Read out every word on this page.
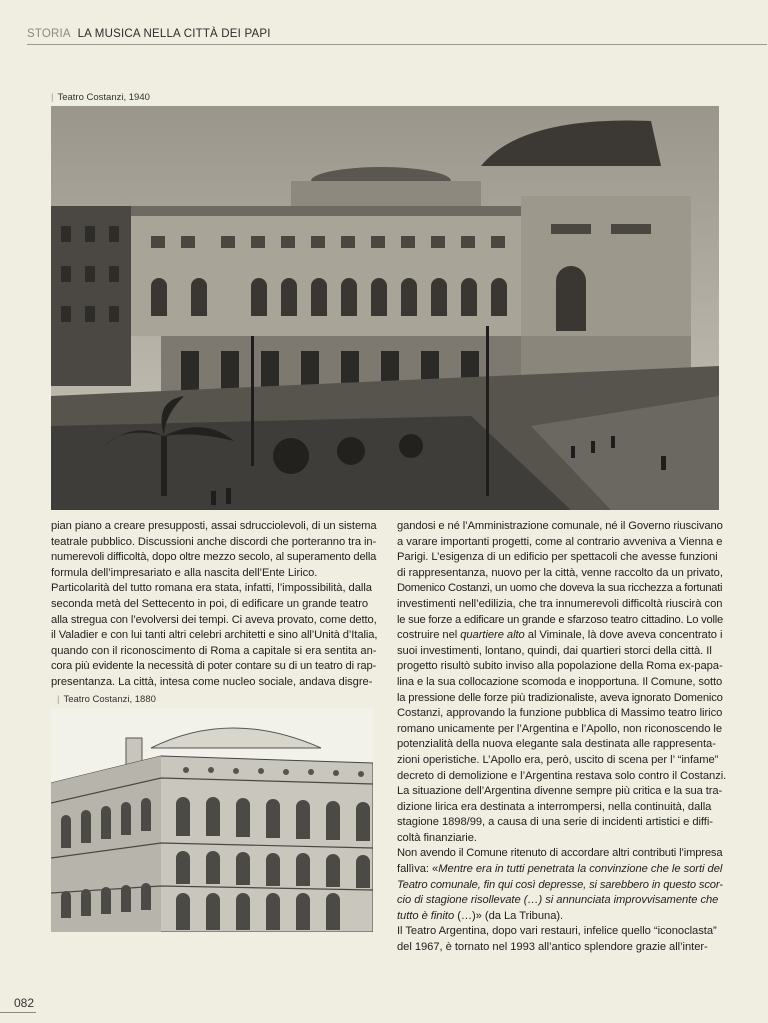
STORIA LA MUSICA NELLA CITTÀ DEI PAPI
| Teatro Costanzi, 1940
pian piano a creare presupposti, assai sdrucciolevoli, di un sistema
teatrale pubblico. Discussioni anche discordi che porteranno tra in-
numerevoli difficoltà, dopo oltre mezzo secolo, al superamento della
formula dell’impresariato e alla nascita dell’Ente Lirico.
Particolarità del tutto romana era stata, infatti, l’impossibilità, dalla
seconda metà del Settecento in poi, di edificare un grande teatro
alla stregua con l’evolversi dei tempi. Ci aveva provato, come detto,
il Valadier e con lui tanti altri celebri architetti e sino all’Unità d’Italia,
quando con il riconoscimento di Roma a capitale si era sentita an-
cora più evidente la necessità di poter contare su di un teatro di rap-
presentanza. La città, intesa come nucleo sociale, andava disgre-
| Teatro Costanzi, 1880
gandosi e né l’Amministrazione comunale, né il Governo riuscivano
a varare importanti progetti, come al contrario avveniva a Vienna e
Parigi. L’esigenza di un edificio per spettacoli che avesse funzioni
di rappresentanza, nuovo per la città, venne raccolto da un privato,
Domenico Costanzi, un uomo che doveva la sua ricchezza a fortunati
investimenti nell’edilizia, che tra innumerevoli difficoltà riuscirà con
le sue forze a edificare un grande e sfarzoso teatro cittadino. Lo volle
costruire nel quartiere alto al Viminale, là dove aveva concentrato i
suoi investimenti, lontano, quindi, dai quartieri storci della città. Il
progetto risultò subito inviso alla popolazione della Roma ex-papa-
lina e la sua collocazione scomoda e inopportuna. Il Comune, sotto
la pressione delle forze più tradizionaliste, aveva ignorato Domenico
Costanzi, approvando la funzione pubblica di Massimo teatro lirico
romano unicamente per l’Argentina e l’Apollo, non riconoscendo le
potenzialità della nuova elegante sala destinata alle rappresenta-
zioni operistiche. L’Apollo era, però, uscito di scena per l’ “infame”
decreto di demolizione e l’Argentina restava solo contro il Costanzi.
La situazione dell’Argentina divenne sempre più critica e la sua tra-
dizione lirica era destinata a interrompersi, nella continuità, dalla
stagione 1898/99, a causa di una serie di incidenti artistici e diffi-
coltà finanziarie.
Non avendo il Comune ritenuto di accordare altri contributi l’impresa
fallìva: «Mentre era in tutti penetrata la convinzione che le sorti del
Teatro comunale, fin qui così depresse, si sarebbero in questo scor-
cio di stagione risollevate (…) si annunciata improvvisamente che
tutto è finito (…)» (da La Tribuna).
Il Teatro Argentina, dopo vari restauri, infelice quello “iconoclasta”
del 1967, è tornato nel 1993 all’antico splendore grazie all’inter-
082
